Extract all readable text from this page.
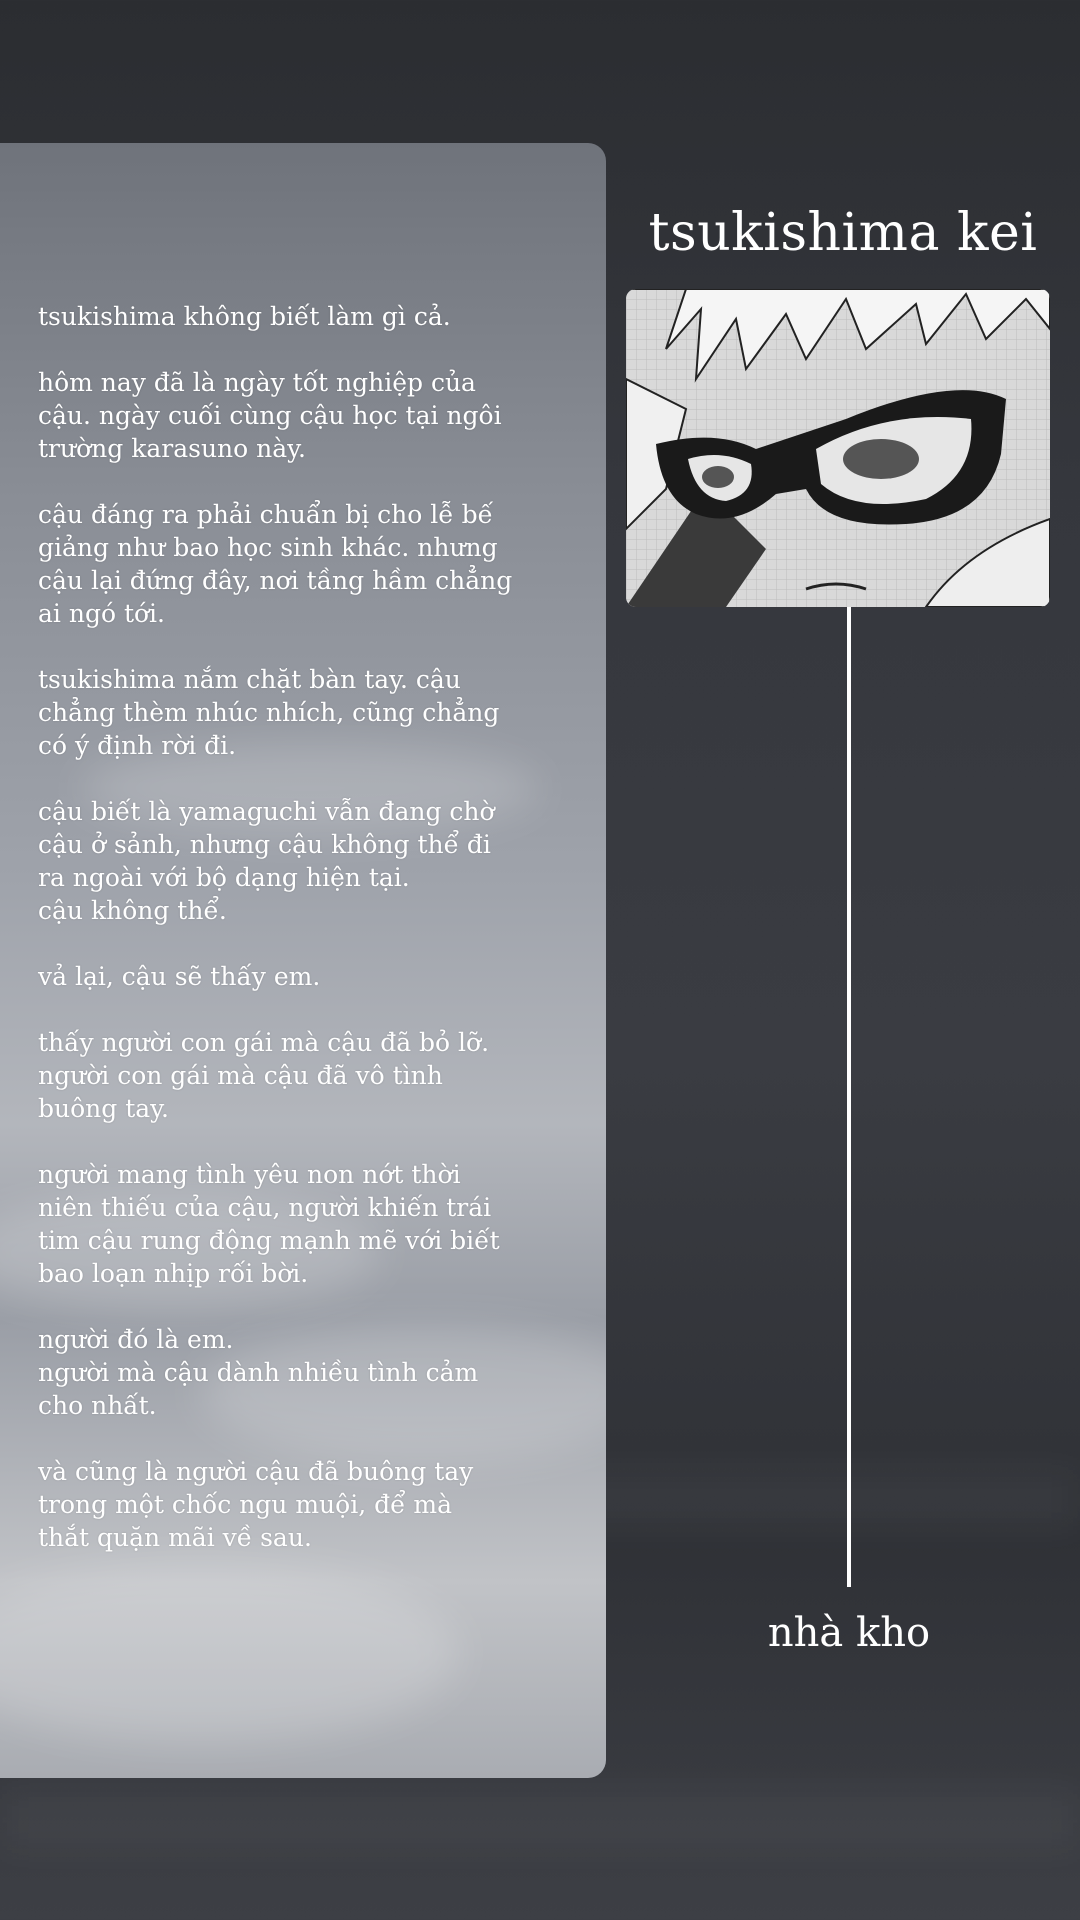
tsukishima không biết làm gì cả.

hôm nay đã là ngày tốt nghiệp của
cậu. ngày cuối cùng cậu học tại ngôi
trường karasuno này.

cậu đáng ra phải chuẩn bị cho lễ bế
giảng như bao học sinh khác. nhưng
cậu lại đứng đây, nơi tầng hầm chẳng
ai ngó tới.

tsukishima nắm chặt bàn tay. cậu
chẳng thèm nhúc nhích, cũng chẳng
có ý định rời đi.

cậu biết là yamaguchi vẫn đang chờ
cậu ở sảnh, nhưng cậu không thể đi
ra ngoài với bộ dạng hiện tại.
cậu không thể.

vả lại, cậu sẽ thấy em.

thấy người con gái mà cậu đã bỏ lỡ.
người con gái mà cậu đã vô tình
buông tay.

người mang tình yêu non nớt thời
niên thiếu của cậu, người khiến trái
tim cậu rung động mạnh mẽ với biết
bao loạn nhịp rối bời.

người đó là em.
người mà cậu dành nhiều tình cảm
cho nhất.

và cũng là người cậu đã buông tay
trong một chốc ngu muội, để mà
thắt quặn mãi về sau.

tsukishima kei
nhà kho
